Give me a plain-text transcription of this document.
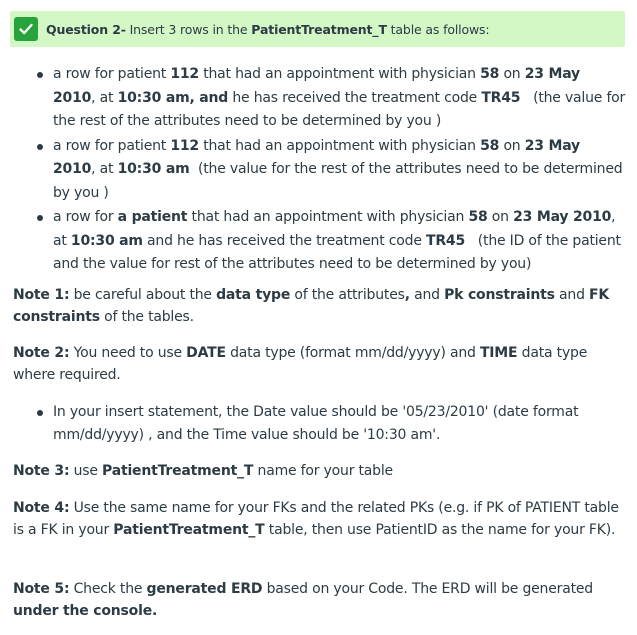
Question 2- Insert 3 rows in the PatientTreatment_T table as follows:
a row for patient 112 that had an appointment with physician 58 on 23 May 2010, at 10:30 am, and he has received the treatment code TR45   (the value for the rest of the attributes need to be determined by you )
a row for patient 112 that had an appointment with physician 58 on 23 May 2010, at 10:30 am  (the value for the rest of the attributes need to be determined by you )
a row for a patient that had an appointment with physician 58 on 23 May 2010, at 10:30 am and he has received the treatment code TR45   (the ID of the patient and the value for rest of the attributes need to be determined by you)
Note 1: be careful about the data type of the attributes, and Pk constraints and FK constraints of the tables.
Note 2: You need to use DATE data type (format mm/dd/yyyy) and TIME data type where required.
In your insert statement, the Date value should be '05/23/2010' (date format mm/dd/yyyy) , and the Time value should be '10:30 am'.
Note 3: use PatientTreatment_T name for your table
Note 4: Use the same name for your FKs and the related PKs (e.g. if PK of PATIENT table is a FK in your PatientTreatment_T table, then use PatientID as the name for your FK).
Note 5: Check the generated ERD based on your Code. The ERD will be generated under the console.
